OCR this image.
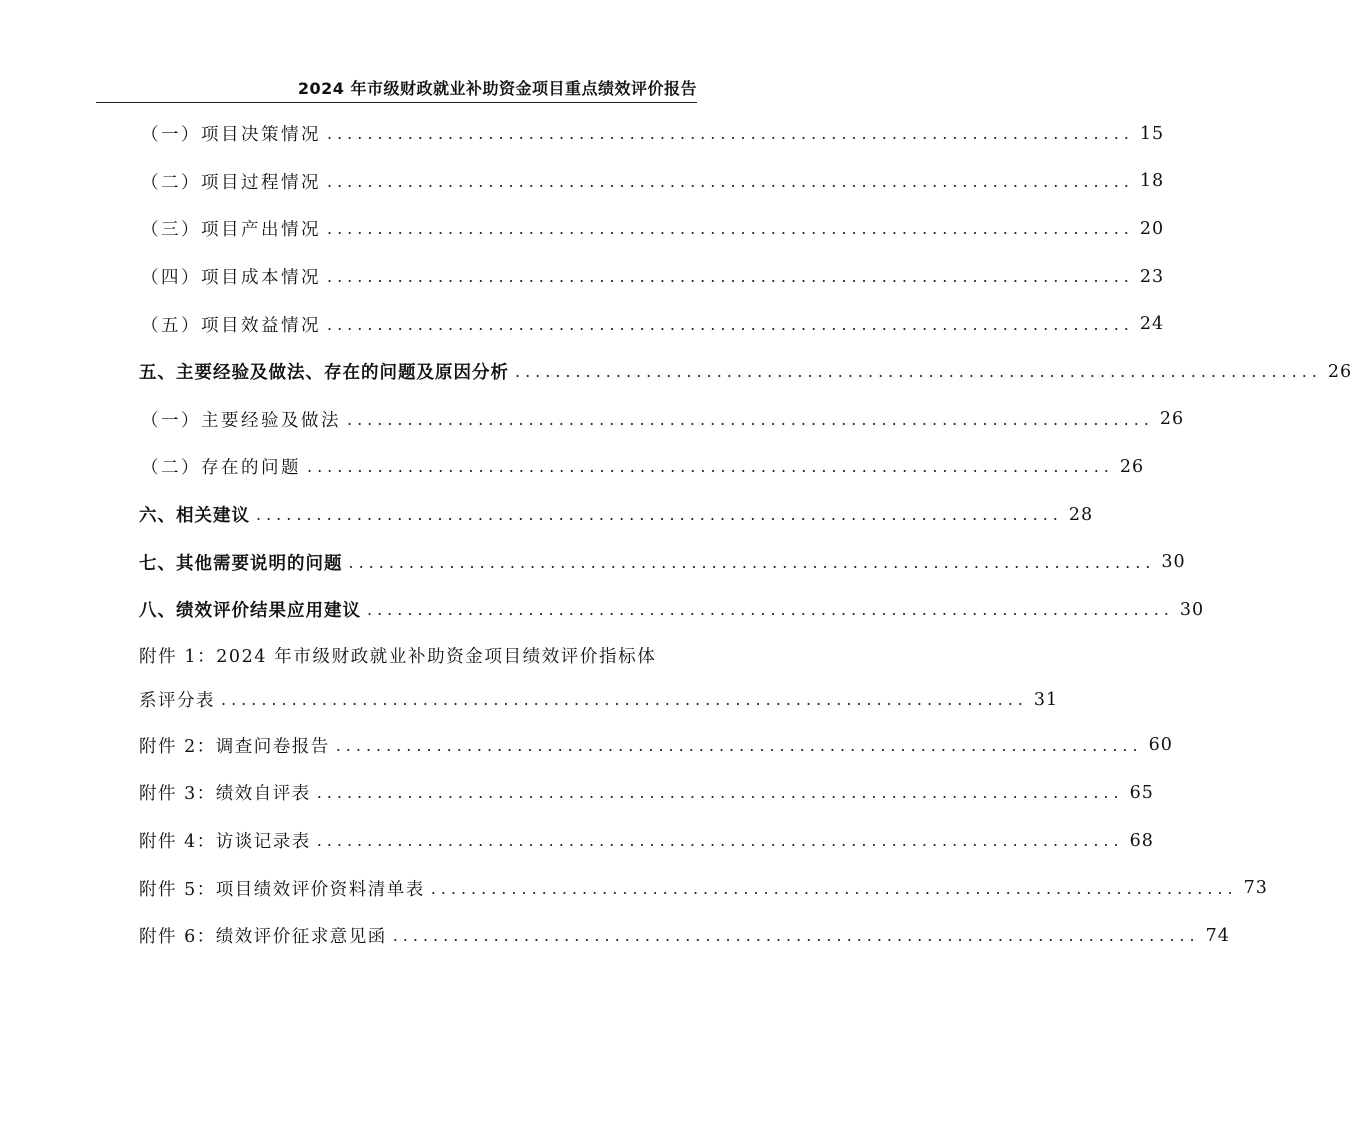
2024 年市级财政就业补助资金项目重点绩效评价报告
（一）项目决策情况 ................................................................................ 15
（二）项目过程情况 ................................................................................ 18
（三）项目产出情况 ................................................................................ 20
（四）项目成本情况 ................................................................................ 23
（五）项目效益情况 ................................................................................ 24
五、主要经验及做法、存在的问题及原因分析 ................................................................................ 26
（一）主要经验及做法 ................................................................................ 26
（二）存在的问题 ................................................................................ 26
六、相关建议 ................................................................................ 28
七、其他需要说明的问题 ................................................................................ 30
八、绩效评价结果应用建议 ................................................................................ 30
附件 1：2024 年市级财政就业补助资金项目绩效评价指标体
系评分表 ................................................................................ 31
附件 2：调查问卷报告 ................................................................................ 60
附件 3：绩效自评表 ................................................................................ 65
附件 4：访谈记录表 ................................................................................ 68
附件 5：项目绩效评价资料清单表 ................................................................................ 73
附件 6：绩效评价征求意见函 ................................................................................ 74
